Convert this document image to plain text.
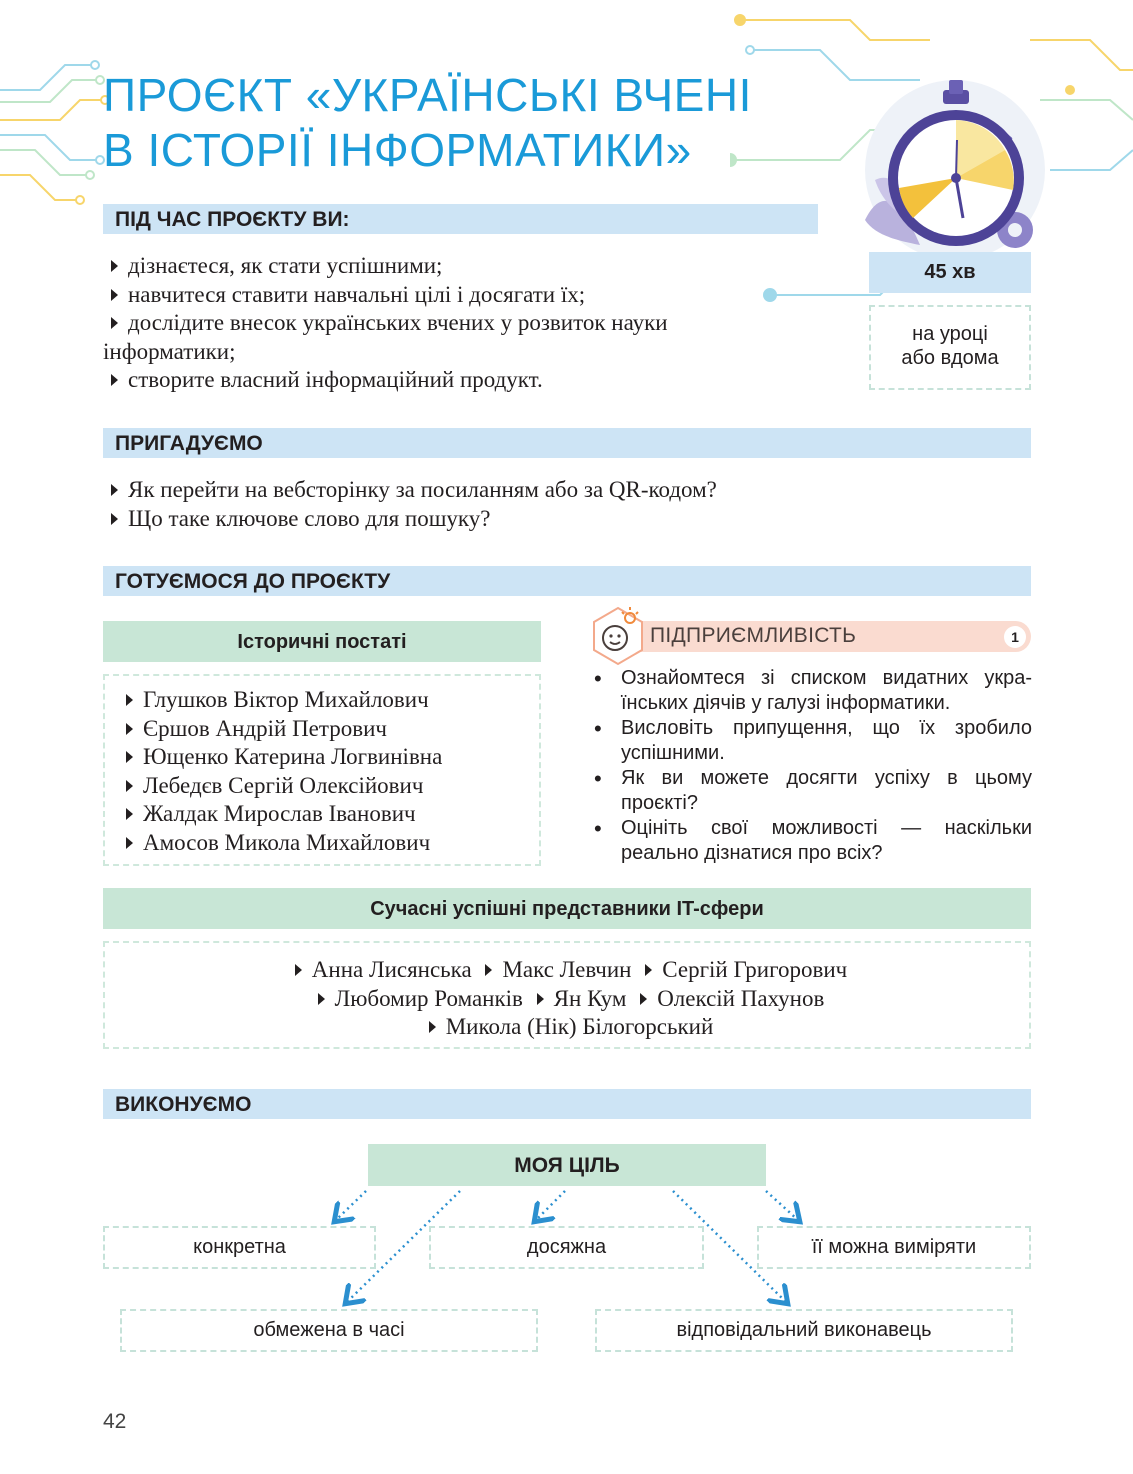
ПРОЄКТ «УКРАЇНСЬКІ ВЧЕНІ
В ІСТОРІЇ ІНФОРМАТИКИ»
ПІД ЧАС ПРОЄКТУ ВИ:
дізнаєтеся, як стати успішними;
навчитеся ставити навчальні цілі і досягати їх;
дослідите внесок українських вчених у розвиток науки
інформатики;
створите власний інформаційний продукт.
45 хв
на уроці
або вдома
ПРИГАДУЄМО
Як перейти на вебсторінку за посиланням або за QR-кодом?
Що таке ключове слово для пошуку?
ГОТУЄМОСЯ ДО ПРОЄКТУ
Історичні постаті
Глушков Віктор Михайлович
Єршов Андрій Петрович
Ющенко Катерина Логвинівна
Лебедєв Сергій Олексійович
Жалдак Мирослав Іванович
Амосов Микола Михайлович
ПІДПРИЄМЛИВІСТЬ	1
• Ознайомтеся зі списком видатних укра-їнських діячів у галузі інформатики.
• Висловіть припущення, що їх зробило успішними.
• Як ви можете досягти успіху в цьому проєкті?
• Оцініть свої можливості — наскільки реально дізнатися про всіх?
Сучасні успішні представники IT-сфери
Анна Лисянська Макс Левчин Сергій Григорович
Любомир Романків Ян Кум Олексій Пахунов
Микола (Нік) Білогорський
ВИКОНУЄМО
МОЯ ЦІЛЬ
конкретна	досяжна	її можна виміряти
обмежена в часі	відповідальний виконавець
42
